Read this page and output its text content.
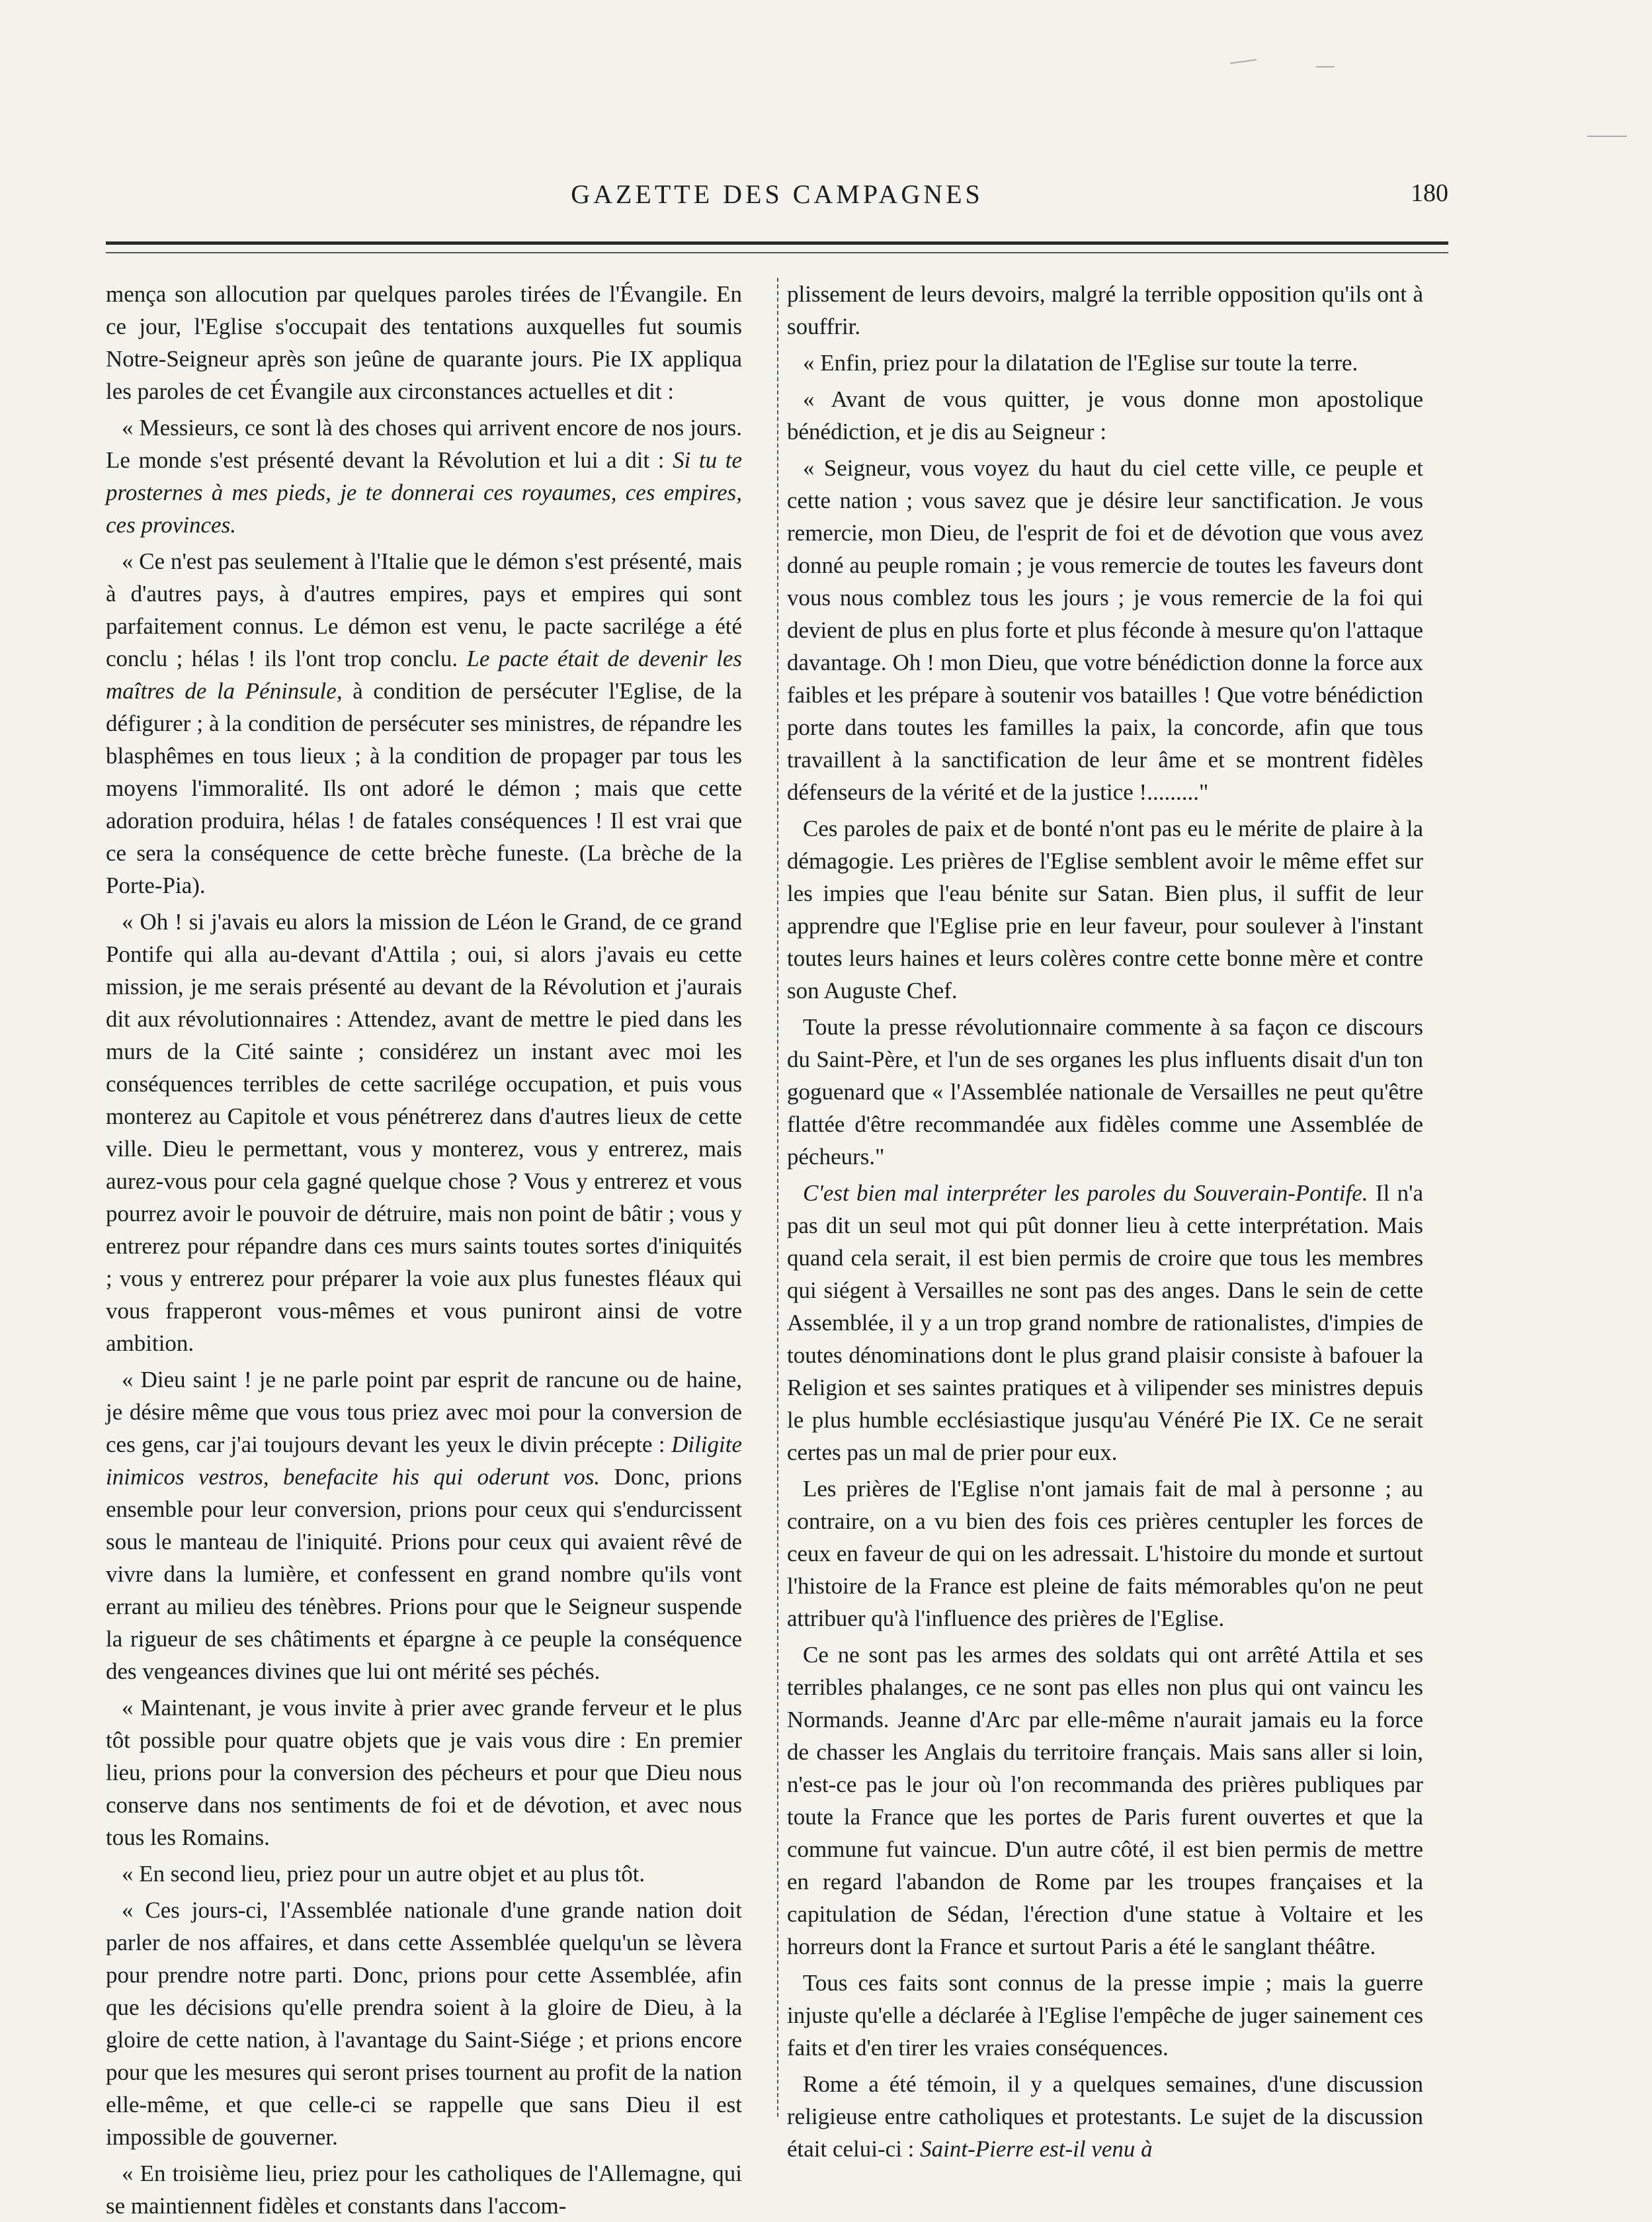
GAZETTE DES CAMPAGNES	180

mença son allocution par quelques paroles tirées de l'Évangile. En ce jour, l'Eglise s'occupait des tentations auxquelles fut soumis Notre-Seigneur après son jeûne de quarante jours. Pie IX appliqua les paroles de cet Évangile aux circonstances actuelles et dit :

« Messieurs, ce sont là des choses qui arrivent encore de nos jours. Le monde s'est présenté devant la Révolution et lui a dit : Si tu te prosternes à mes pieds, je te donnerai ces royaumes, ces empires, ces provinces.

« Ce n'est pas seulement à l'Italie que le démon s'est présenté, mais à d'autres pays, à d'autres empires, pays et empires qui sont parfaitement connus. Le démon est venu, le pacte sacrilége a été conclu ; hélas ! ils l'ont trop conclu. Le pacte était de devenir les maîtres de la Péninsule, à condition de persécuter l'Eglise, de la défigurer ; à la condition de persécuter ses ministres, de répandre les blasphêmes en tous lieux ; à la condition de propager par tous les moyens l'immoralité. Ils ont adoré le démon ; mais que cette adoration produira, hélas ! de fatales conséquences ! Il est vrai que ce sera la conséquence de cette brèche funeste. (La brèche de la Porte-Pia).

« Oh ! si j'avais eu alors la mission de Léon le Grand, de ce grand Pontife qui alla au-devant d'Attila ; oui, si alors j'avais eu cette mission, je me serais présenté au devant de la Révolution et j'aurais dit aux révolutionnaires : Attendez, avant de mettre le pied dans les murs de la Cité sainte ; considérez un instant avec moi les conséquences terribles de cette sacrilége occupation, et puis vous monterez au Capitole et vous pénétrerez dans d'autres lieux de cette ville. Dieu le permettant, vous y monterez, vous y entrerez, mais aurez-vous pour cela gagné quelque chose ? Vous y entrerez et vous pourrez avoir le pouvoir de détruire, mais non point de bâtir ; vous y entrerez pour répandre dans ces murs saints toutes sortes d'iniquités ; vous y entrerez pour préparer la voie aux plus funestes fléaux qui vous frapperont vous-mêmes et vous puniront ainsi de votre ambition.

« Dieu saint ! je ne parle point par esprit de rancune ou de haine, je désire même que vous tous priez avec moi pour la conversion de ces gens, car j'ai toujours devant les yeux le divin précepte : Diligite inimicos vestros, benefacite his qui oderunt vos. Donc, prions ensemble pour leur conversion, prions pour ceux qui s'endurcissent sous le manteau de l'iniquité. Prions pour ceux qui avaient rêvé de vivre dans la lumière, et confessent en grand nombre qu'ils vont errant au milieu des ténèbres. Prions pour que le Seigneur suspende la rigueur de ses châtiments et épargne à ce peuple la conséquence des vengeances divines que lui ont mérité ses péchés.

« Maintenant, je vous invite à prier avec grande ferveur et le plus tôt possible pour quatre objets que je vais vous dire : En premier lieu, prions pour la conversion des pécheurs et pour que Dieu nous conserve dans nos sentiments de foi et de dévotion, et avec nous tous les Romains.

« En second lieu, priez pour un autre objet et au plus tôt.

« Ces jours-ci, l'Assemblée nationale d'une grande nation doit parler de nos affaires, et dans cette Assemblée quelqu'un se lèvera pour prendre notre parti. Donc, prions pour cette Assemblée, afin que les décisions qu'elle prendra soient à la gloire de Dieu, à la gloire de cette nation, à l'avantage du Saint-Siége ; et prions encore pour que les mesures qui seront prises tournent au profit de la nation elle-même, et que celle-ci se rappelle que sans Dieu il est impossible de gouverner.

« En troisième lieu, priez pour les catholiques de l'Allemagne, qui se maintiennent fidèles et constants dans l'accom-

plissement de leurs devoirs, malgré la terrible opposition qu'ils ont à souffrir.

« Enfin, priez pour la dilatation de l'Eglise sur toute la terre.

« Avant de vous quitter, je vous donne mon apostolique bénédiction, et je dis au Seigneur :

« Seigneur, vous voyez du haut du ciel cette ville, ce peuple et cette nation ; vous savez que je désire leur sanctification. Je vous remercie, mon Dieu, de l'esprit de foi et de dévotion que vous avez donné au peuple romain ; je vous remercie de toutes les faveurs dont vous nous comblez tous les jours ; je vous remercie de la foi qui devient de plus en plus forte et plus féconde à mesure qu'on l'attaque davantage. Oh ! mon Dieu, que votre bénédiction donne la force aux faibles et les prépare à soutenir vos batailles ! Que votre bénédiction porte dans toutes les familles la paix, la concorde, afin que tous travaillent à la sanctification de leur âme et se montrent fidèles défenseurs de la vérité et de la justice !........."

Ces paroles de paix et de bonté n'ont pas eu le mérite de plaire à la démagogie. Les prières de l'Eglise semblent avoir le même effet sur les impies que l'eau bénite sur Satan. Bien plus, il suffit de leur apprendre que l'Eglise prie en leur faveur, pour soulever à l'instant toutes leurs haines et leurs colères contre cette bonne mère et contre son Auguste Chef.

Toute la presse révolutionnaire commente à sa façon ce discours du Saint-Père, et l'un de ses organes les plus influents disait d'un ton goguenard que « l'Assemblée nationale de Versailles ne peut qu'être flattée d'être recommandée aux fidèles comme une Assemblée de pécheurs."

C'est bien mal interpréter les paroles du Souverain-Pontife. Il n'a pas dit un seul mot qui pût donner lieu à cette interprétation. Mais quand cela serait, il est bien permis de croire que tous les membres qui siégent à Versailles ne sont pas des anges. Dans le sein de cette Assemblée, il y a un trop grand nombre de rationalistes, d'impies de toutes dénominations dont le plus grand plaisir consiste à bafouer la Religion et ses saintes pratiques et à vilipender ses ministres depuis le plus humble ecclésiastique jusqu'au Vénéré Pie IX. Ce ne serait certes pas un mal de prier pour eux.

Les prières de l'Eglise n'ont jamais fait de mal à personne ; au contraire, on a vu bien des fois ces prières centupler les forces de ceux en faveur de qui on les adressait. L'histoire du monde et surtout l'histoire de la France est pleine de faits mémorables qu'on ne peut attribuer qu'à l'influence des prières de l'Eglise.

Ce ne sont pas les armes des soldats qui ont arrêté Attila et ses terribles phalanges, ce ne sont pas elles non plus qui ont vaincu les Normands. Jeanne d'Arc par elle-même n'aurait jamais eu la force de chasser les Anglais du territoire français. Mais sans aller si loin, n'est-ce pas le jour où l'on recommanda des prières publiques par toute la France que les portes de Paris furent ouvertes et que la commune fut vaincue. D'un autre côté, il est bien permis de mettre en regard l'abandon de Rome par les troupes françaises et la capitulation de Sédan, l'érection d'une statue à Voltaire et les horreurs dont la France et surtout Paris a été le sanglant théâtre.

Tous ces faits sont connus de la presse impie ; mais la guerre injuste qu'elle a déclarée à l'Eglise l'empêche de juger sainement ces faits et d'en tirer les vraies conséquences.

Rome a été témoin, il y a quelques semaines, d'une discussion religieuse entre catholiques et protestants. Le sujet de la discussion était celui-ci : Saint-Pierre est-il venu à
